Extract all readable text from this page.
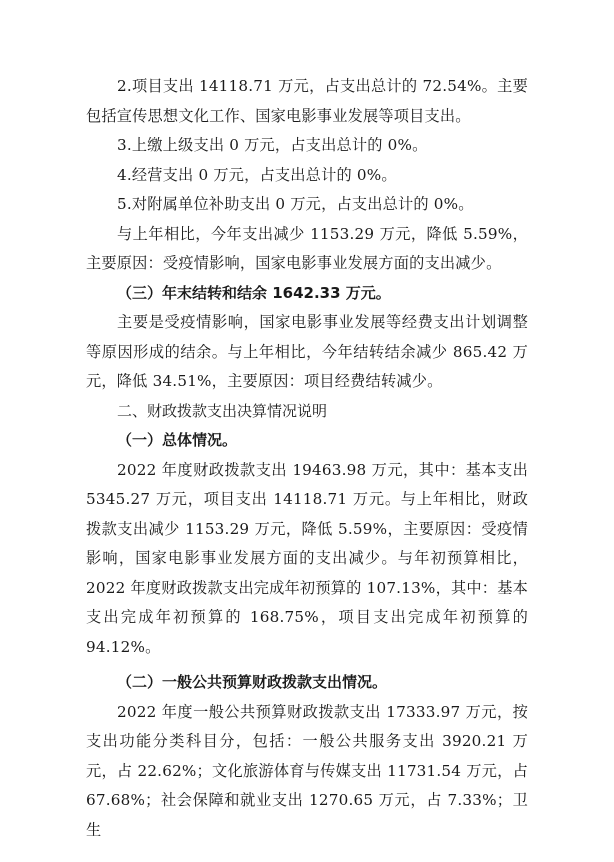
2.项目支出 14118.71 万元，占支出总计的 72.54%。主要包括宣传思想文化工作、国家电影事业发展等项目支出。

3.上缴上级支出 0 万元，占支出总计的 0%。

4.经营支出 0 万元，占支出总计的 0%。

5.对附属单位补助支出 0 万元，占支出总计的 0%。

与上年相比，今年支出减少 1153.29 万元，降低 5.59%，主要原因：受疫情影响，国家电影事业发展方面的支出减少。

（三）年末结转和结余 1642.33 万元。

主要是受疫情影响，国家电影事业发展等经费支出计划调整等原因形成的结余。与上年相比，今年结转结余减少 865.42 万元，降低 34.51%，主要原因：项目经费结转减少。

二、财政拨款支出决算情况说明

（一）总体情况。

2022 年度财政拨款支出 19463.98 万元，其中：基本支出 5345.27 万元，项目支出 14118.71 万元。与上年相比，财政拨款支出减少 1153.29 万元，降低 5.59%，主要原因：受疫情影响，国家电影事业发展方面的支出减少。与年初预算相比，2022 年度财政拨款支出完成年初预算的 107.13%，其中：基本支出完成年初预算的 168.75%，项目支出完成年初预算的 94.12%。

（二）一般公共预算财政拨款支出情况。

2022 年度一般公共预算财政拨款支出 17333.97 万元，按支出功能分类科目分，包括：一般公共服务支出 3920.21 万元，占 22.62%；文化旅游体育与传媒支出 11731.54 万元，占 67.68%；社会保障和就业支出 1270.65 万元，占 7.33%；卫生
